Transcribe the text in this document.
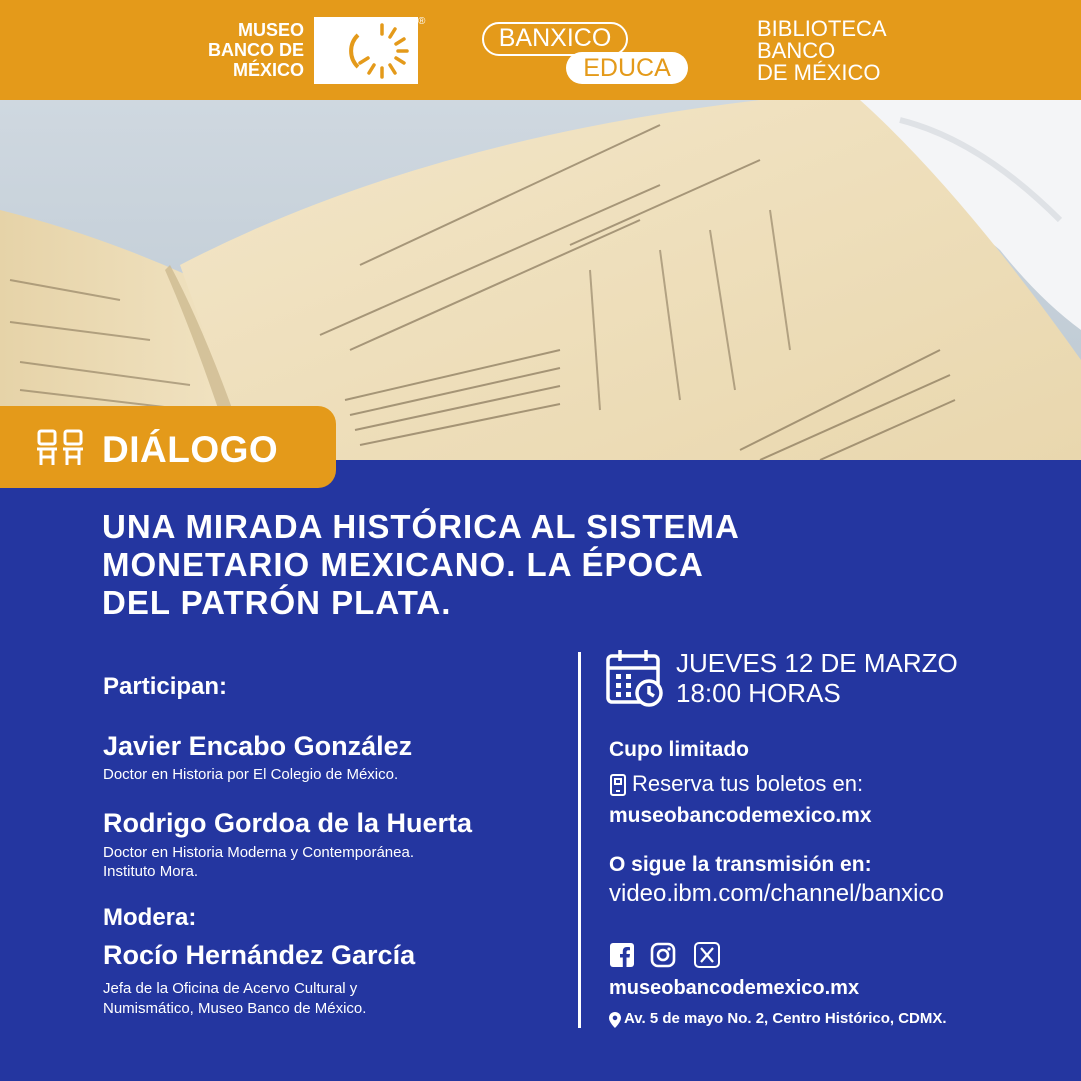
MUSEO
BANCO DE
MÉXICO
®
BANXICO
EDUCA
BIBLIOTECA
BANCO
DE MÉXICO
DIÁLOGO
UNA MIRADA HISTÓRICA AL SISTEMA
MONETARIO MEXICANO. LA ÉPOCA
DEL PATRÓN PLATA.
Participan:
Javier Encabo González
Doctor en Historia por El Colegio de México.
Rodrigo Gordoa de la Huerta
Doctor en Historia Moderna y Contemporánea.
Instituto Mora.
Modera:
Rocío Hernández García
Jefa de la Oficina de Acervo Cultural y
Numismático, Museo Banco de México.
JUEVES 12 DE MARZO
18:00 HORAS
Cupo limitado
Reserva tus boletos en:
museobancodemexico.mx
O sigue la transmisión en:
video.ibm.com/channel/banxico
museobancodemexico.mx
Av. 5 de mayo No. 2, Centro Histórico, CDMX.
